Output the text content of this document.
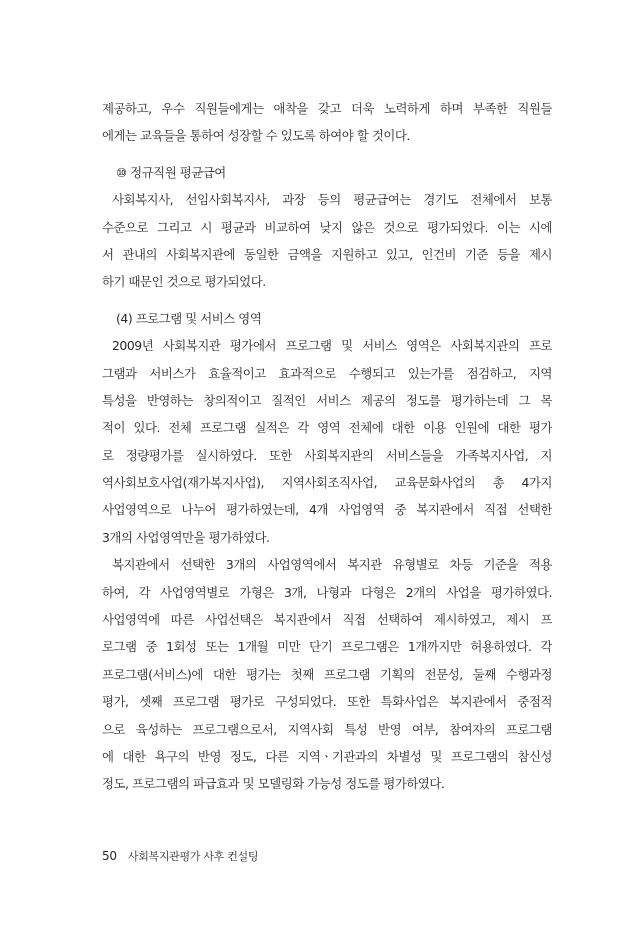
제공하고, 우수 직원들에게는 애착을 갖고 더욱 노력하게 하며 부족한 직원들
에게는 교육들을 통하여 성장할 수 있도록 하여야 할 것이다.
⑩ 정규직원 평균급여
사회복지사, 선임사회복지사, 과장 등의 평균급여는 경기도 전체에서 보통
수준으로 그리고 시 평균과 비교하여 낮지 않은 것으로 평가되었다. 이는 시에
서 관내의 사회복지관에 동일한 금액을 지원하고 있고, 인건비 기준 등을 제시
하기 때문인 것으로 평가되었다.
(4) 프로그램 및 서비스 영역
2009년 사회복지관 평가에서 프로그램 및 서비스 영역은 사회복지관의 프로
그램과 서비스가 효율적이고 효과적으로 수행되고 있는가를 점검하고, 지역
특성을 반영하는 창의적이고 질적인 서비스 제공의 정도를 평가하는데 그 목
적이 있다. 전체 프로그램 실적은 각 영역 전체에 대한 이용 인원에 대한 평가
로 정량평가를 실시하였다. 또한 사회복지관의 서비스들을 가족복지사업, 지
역사회보호사업(재가복지사업), 지역사회조직사업, 교육문화사업의 총 4가지
사업영역으로 나누어 평가하였는데, 4개 사업영역 중 복지관에서 직접 선택한
3개의 사업영역만을 평가하였다.
복지관에서 선택한 3개의 사업영역에서 복지관 유형별로 차등 기준을 적용
하여, 각 사업영역별로 가형은 3개, 나형과 다형은 2개의 사업을 평가하였다.
사업영역에 따른 사업선택은 복지관에서 직접 선택하여 제시하였고, 제시 프
로그램 중 1회성 또는 1개월 미만 단기 프로그램은 1개까지만 허용하였다. 각
프로그램(서비스)에 대한 평가는 첫째 프로그램 기획의 전문성, 둘째 수행과정
평가, 셋째 프로그램 평가로 구성되었다. 또한 특화사업은 복지관에서 중점적
으로 육성하는 프로그램으로서, 지역사회 특성 반영 여부, 참여자의 프로그램
에 대한 욕구의 반영 정도, 다른 지역ㆍ기관과의 차별성 및 프로그램의 참신성
정도, 프로그램의 파급효과 및 모델링화 가능성 정도를 평가하였다.
50 사회복지관평가 사후 컨설팅
